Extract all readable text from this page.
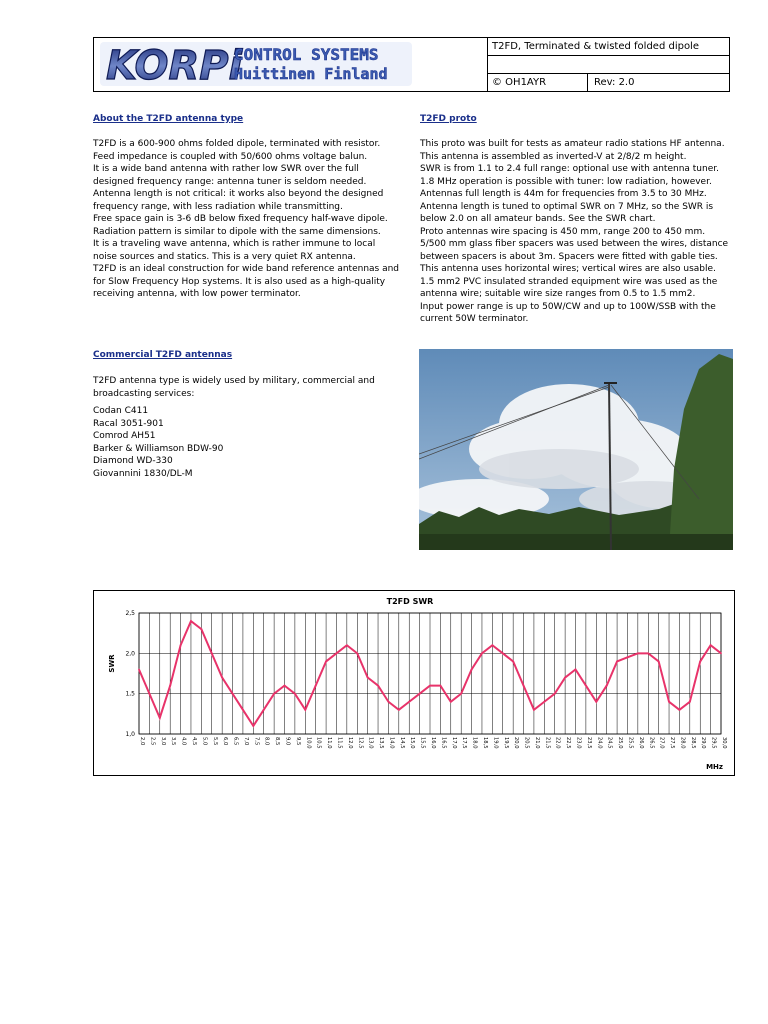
KORPi
CONTROL SYSTEMS
Huittinen Finland
T2FD, Terminated & twisted folded dipole
© OH1AYR	Rev: 2.0
About the T2FD antenna type
T2FD is a 600-900 ohms folded dipole, terminated with resistor.
Feed impedance is coupled with 50/600 ohms voltage balun.
It is a wide band antenna with rather low SWR over the full
designed frequency range: antenna tuner is seldom needed.
Antenna length is not critical: it works also beyond the designed
frequency range, with less radiation while transmitting.
Free space gain is 3-6 dB below fixed frequency half-wave dipole.
Radiation pattern is similar to dipole with the same dimensions.
It is a traveling wave antenna, which is rather immune to local
noise sources and statics. This is a very quiet RX antenna.
T2FD is an ideal construction for wide band reference antennas and
for Slow Frequency Hop systems. It is also used as a high-quality
receiving antenna, with low power terminator.
T2FD proto
This proto was built for tests as amateur radio stations HF antenna.
This antenna is assembled as inverted-V at 2/8/2 m height.
SWR is from 1.1 to 2.4 full range: optional use with antenna tuner.
1.8 MHz operation is possible with tuner: low radiation, however.
Antennas full length is 44m for frequencies from 3.5 to 30 MHz.
Antenna length is tuned to optimal SWR on 7 MHz, so the SWR is
below 2.0 on all amateur bands. See the SWR chart.
Proto antennas wire spacing is 450 mm, range 200 to 450 mm.
5/500 mm glass fiber spacers was used between the wires, distance
between spacers is about 3m. Spacers were fitted with gable ties.
This antenna uses horizontal wires; vertical wires are also usable.
1.5 mm2 PVC insulated stranded equipment wire was used as the
antenna wire; suitable wire size ranges from 0.5 to 1.5 mm2.
Input power range is up to 50W/CW and up to 100W/SSB with the
current 50W terminator.
Commercial T2FD antennas
T2FD antenna type is widely used by military, commercial and
broadcasting services:
Codan C411
Racal 3051-901
Comrod AH51
Barker & Williamson BDW-90
Diamond WD-330
Giovannini 1830/DL-M
2,0 2,5 3,0 3,5 4,0 4,5 5,0 5,5 6,0 6,5 7,0 7,5 8,0 8,5 9,0 9,5 10,0 10,5 11,0 11,5 12,0 12,5 13,0 13,5 14,0 14,5 15,0 15,5 16,0 16,5 17,0 17,5 18,0 18,5 19,0 19,5 20,0 20,5 21,0 21,5 22,0 22,5 23,0 23,5 24,0 24,5 25,0 25,5 26,0 26,5 27,0 27,5 28,0 28,5 29,0 29,5 30,0
1,0
1,5
2,0
2,5
T2FD SWR
SWR
MHz
